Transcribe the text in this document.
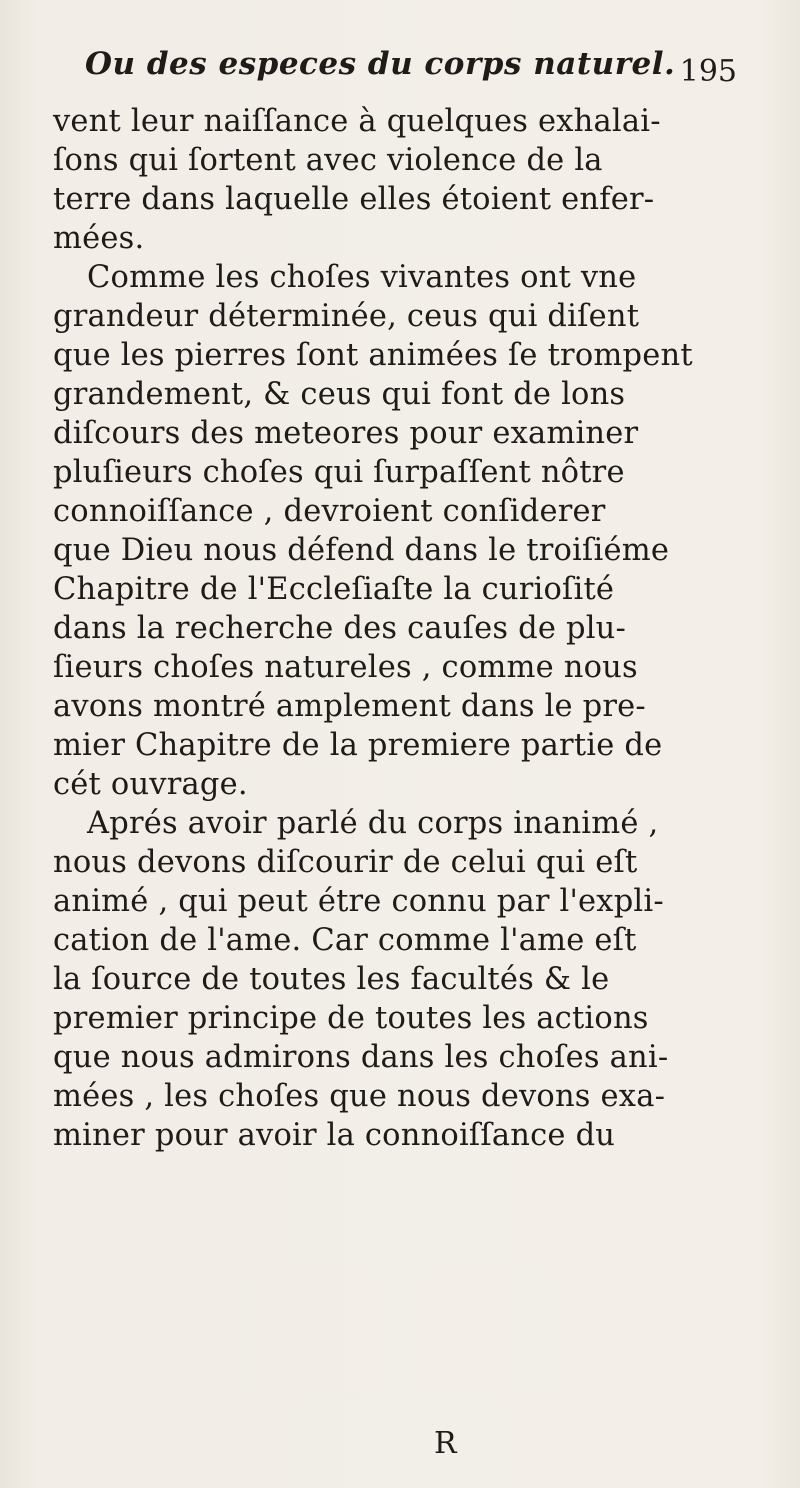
Ou des especes du corps naturel. 195
vent leur naiſſance à quelques exhalai-
ſons qui ſortent avec violence de la
terre dans laquelle elles étoient enfer-
mées.
Comme les choſes vivantes ont vne
grandeur déterminée, ceus qui diſent
que les pierres ſont animées ſe trompent
grandement, & ceus qui font de lons
diſcours des meteores pour examiner
pluſieurs choſes qui ſurpaſſent nôtre
connoiſſance , devroient conſiderer
que Dieu nous défend dans le troiſiéme
Chapitre de l'Eccleſiaſte la curioſité
dans la recherche des cauſes de plu-
ſieurs choſes natureles , comme nous
avons montré amplement dans le pre-
mier Chapitre de la premiere partie de
cét ouvrage.
Aprés avoir parlé du corps inanimé ,
nous devons diſcourir de celui qui eſt
animé , qui peut étre connu par l'expli-
cation de l'ame. Car comme l'ame eſt
la ſource de toutes les facultés & le
premier principe de toutes les actions
que nous admirons dans les choſes ani-
mées , les choſes que nous devons exa-
miner pour avoir la connoiſſance du
R
